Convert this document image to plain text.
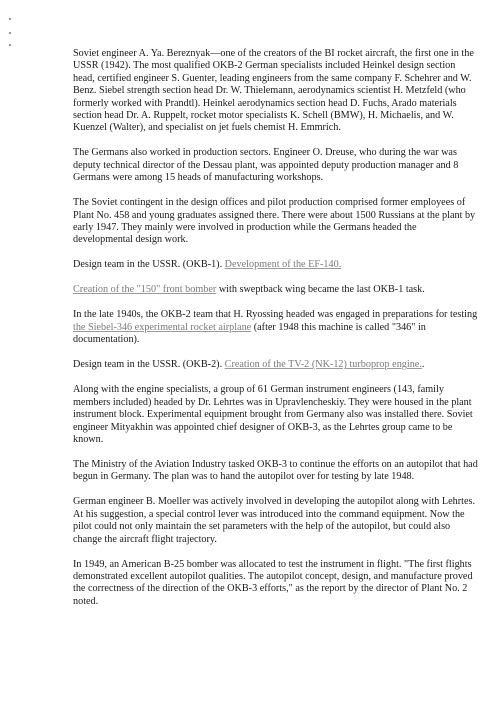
Soviet engineer A. Ya. Bereznyak—one of the creators of the BI rocket aircraft, the first one in the USSR (1942). The most qualified OKB-2 German specialists included Heinkel design section head, certified engineer S. Guenter, leading engineers from the same company F. Schehrer and W. Benz. Siebel strength section head Dr. W. Thielemann, aerodynamics scientist H. Metzfeld (who formerly worked with Prandtl). Heinkel aerodynamics section head D. Fuchs, Arado materials section head Dr. A. Ruppelt, rocket motor specialists K. Schell (BMW), H. Michaelis, and W. Kuenzel (Walter), and specialist on jet fuels chemist H. Emmrich.

The Germans also worked in production sectors. Engineer O. Dreuse, who during the war was deputy technical director of the Dessau plant, was appointed deputy production manager and 8 Germans were among 15 heads of manufacturing workshops.

The Soviet contingent in the design offices and pilot production comprised former employees of Plant No. 458 and young graduates assigned there. There were about 1500 Russians at the plant by early 1947. They mainly were involved in production while the Germans headed the developmental design work.

Design team in the USSR. (OKB-1). Development of the EF-140.

Creation of the "150" front bomber with sweptback wing became the last OKB-1 task.

In the late 1940s, the OKB-2 team that H. Ryossing headed was engaged in preparations for testing the Siebel-346 experimental rocket airplane (after 1948 this machine is called "346" in documentation).

Design team in the USSR. (OKB-2). Creation of the TV-2 (NK-12) turboprop engine..

Along with the engine specialists, a group of 61 German instrument engineers (143, family members included) headed by Dr. Lehrtes was in Upravlencheskiy. They were housed in the plant instrument block. Experimental equipment brought from Germany also was installed there. Soviet engineer Mityakhin was appointed chief designer of OKB-3, as the Lehrtes group came to be known.

The Ministry of the Aviation Industry tasked OKB-3 to continue the efforts on an autopilot that had begun in Germany. The plan was to hand the autopilot over for testing by late 1948.

German engineer B. Moeller was actively involved in developing the autopilot along with Lehrtes. At his suggestion, a special control lever was introduced into the command equipment. Now the pilot could not only maintain the set parameters with the help of the autopilot, but could also change the aircraft flight trajectory.

In 1949, an American B-25 bomber was allocated to test the instrument in flight. "The first flights demonstrated excellent autopilot qualities. The autopilot concept, design, and manufacture proved the correctness of the direction of the OKB-3 efforts," as the report by the director of Plant No. 2 noted.
